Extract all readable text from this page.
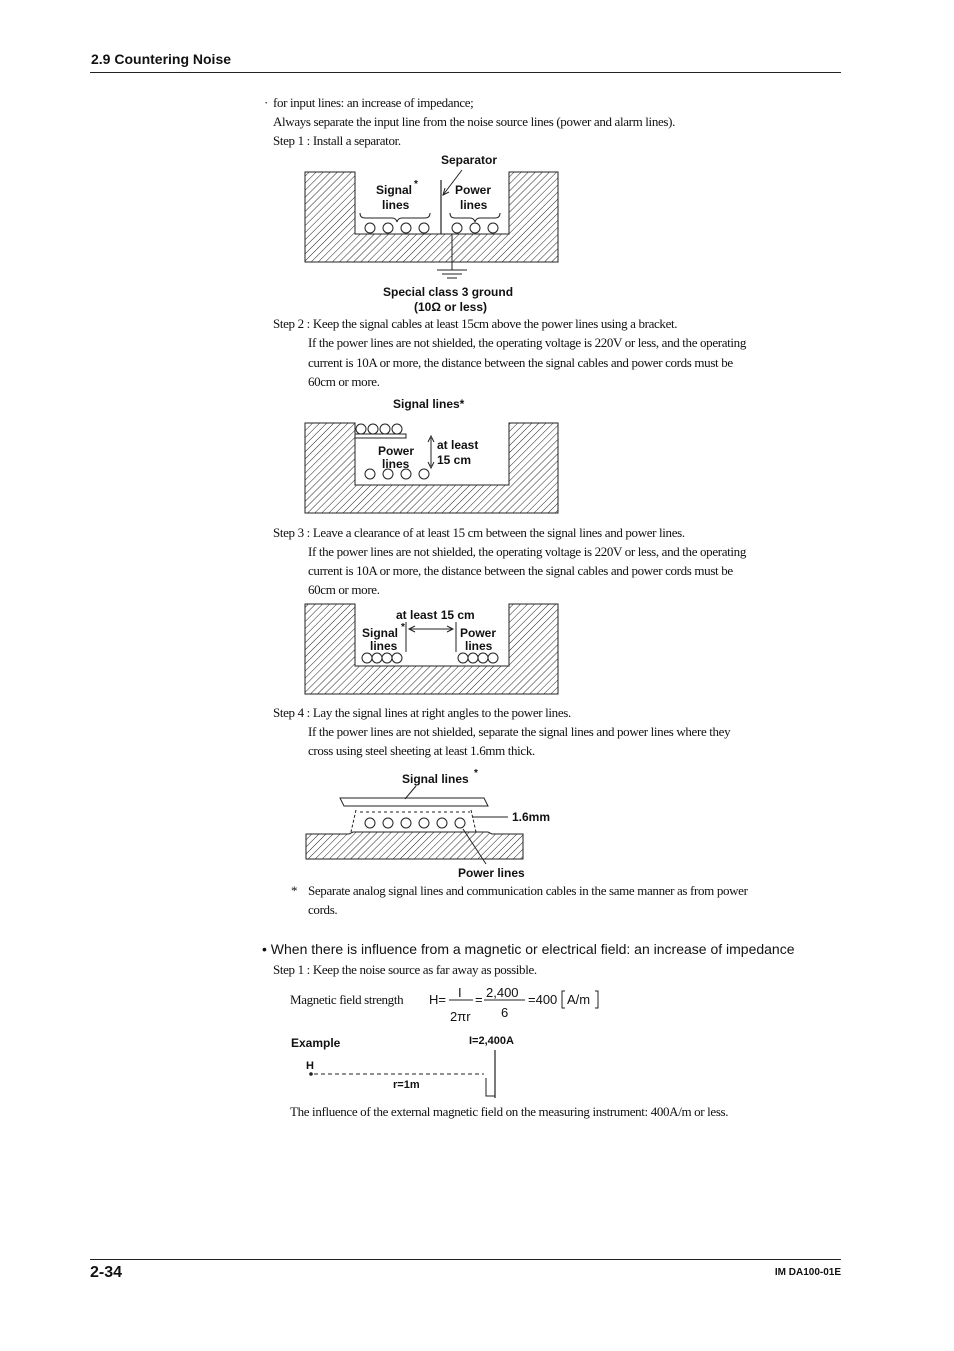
2.9 Countering Noise
· for input lines: an increase of impedance;
Always separate the input line from the noise source lines (power and alarm lines).
Step 1 : Install a separator.
Separator
Signal *
lines
Power
lines
Special class 3 ground
(10Ω or less)
Step 2 : Keep the signal cables at least 15cm above the power lines using a bracket.
If the power lines are not shielded, the operating voltage is 220V or less, and the operating
current is 10A or more, the distance between the signal cables and power cords must be
60cm or more.
Signal lines*
Power
lines
at least
15 cm
Step 3 : Leave a clearance of at least 15 cm between the signal lines and power lines.
If the power lines are not shielded, the operating voltage is 220V or less, and the operating
current is 10A or more, the distance between the signal cables and power cords must be
60cm or more.
at least 15 cm
Signal *
lines
Power
lines
Step 4 : Lay the signal lines at right angles to the power lines.
If the power lines are not shielded, separate the signal lines and power lines where they
cross using steel sheeting at least 1.6mm thick.
Signal lines *
1.6mm
Power lines
* Separate analog signal lines and communication cables in the same manner as from power
cords.
• When there is influence from a magnetic or electrical field: an increase of impedance
Step 1 : Keep the noise source as far away as possible.
Magnetic field strength H= I
2πr
= 2,400
6
=400 A/m
Example	I=2,400A
H
r=1m
The influence of the external magnetic field on the measuring instrument: 400A/m or less.
2-34	IM DA100-01E
